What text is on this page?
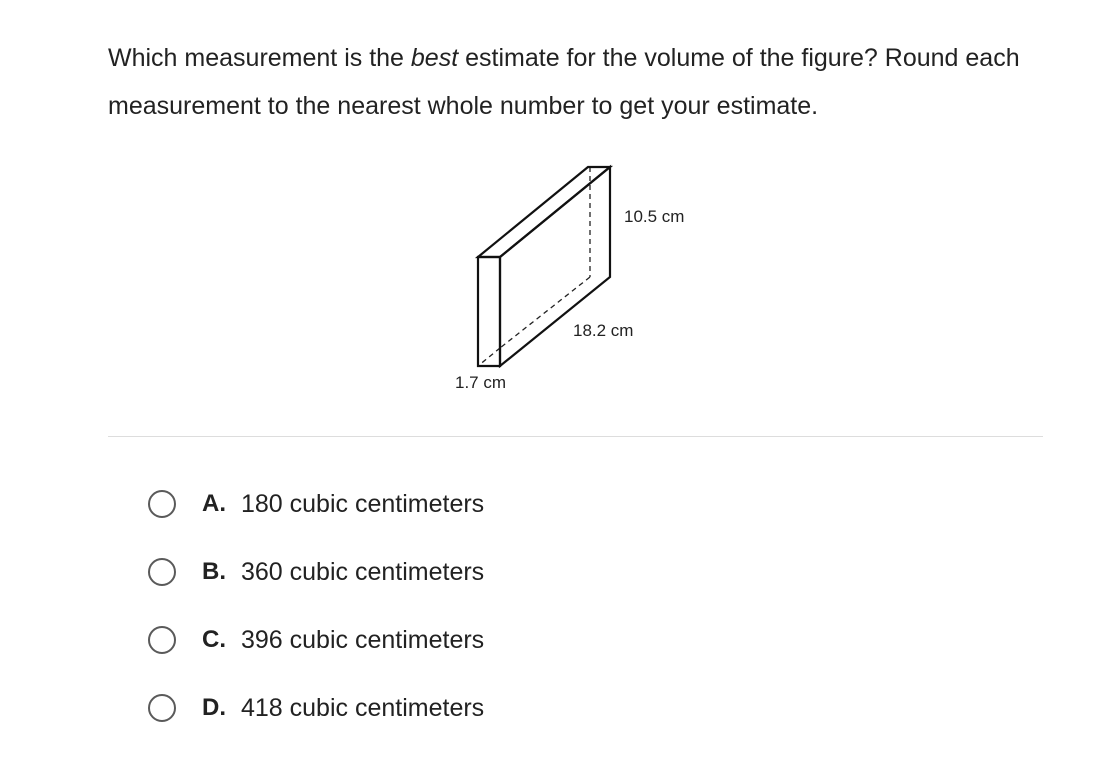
Which measurement is the best estimate for the volume of the figure? Round each measurement to the nearest whole number to get your estimate.
10.5 cm
18.2 cm
1.7 cm
A. 180 cubic centimeters
B. 360 cubic centimeters
C. 396 cubic centimeters
D. 418 cubic centimeters
